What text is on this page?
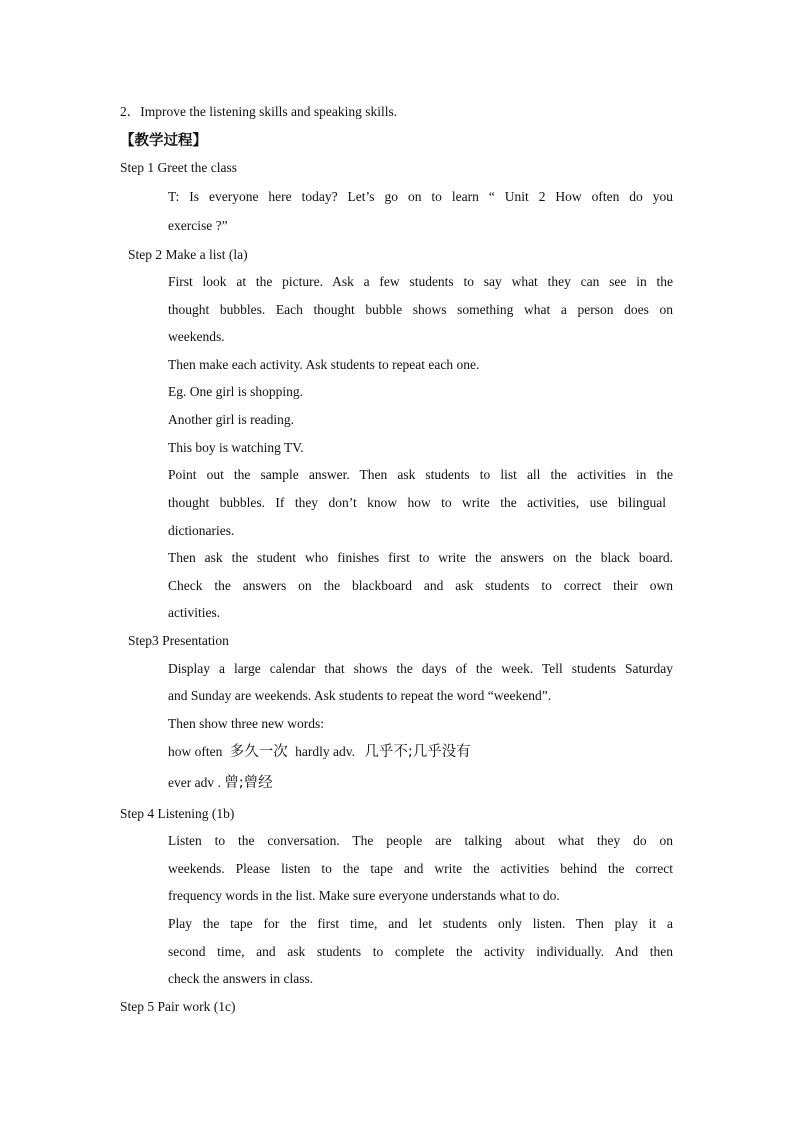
2．Improve the listening skills and speaking skills.
【教学过程】
Step 1 Greet the class
T: Is everyone here today? Let’s go on to learn “ Unit 2 How often do you
exercise ?”
Step 2 Make a list (la)
First look at the picture. Ask a few students to say what they can see in the
thought bubbles. Each thought bubble shows something what a person does on
weekends.
Then make each activity. Ask students to repeat each one.
Eg. One girl is shopping.
Another girl is reading.
This boy is watching TV.
Point out the sample answer. Then ask students to list all the activities in the
thought bubbles. If they don’t know how to write the activities, use bilingual
dictionaries.
Then ask the student who finishes first to write the answers on the black board.
Check the answers on the blackboard and ask students to correct their own
activities.
Step3 Presentation
Display a large calendar that shows the days of the week. Tell students Saturday
and Sunday are weekends. Ask students to repeat the word “weekend”.
Then show three new words:
how often 多久一次 hardly adv. 几乎不;几乎没有
ever adv . 曾;曾经
Step 4 Listening (1b)
Listen to the conversation. The people are talking about what they do on
weekends. Please listen to the tape and write the activities behind the correct
frequency words in the list. Make sure everyone understands what to do.
Play the tape for the first time, and let students only listen. Then play it a
second time, and ask students to complete the activity individually. And then
check the answers in class.
Step 5 Pair work (1c)
